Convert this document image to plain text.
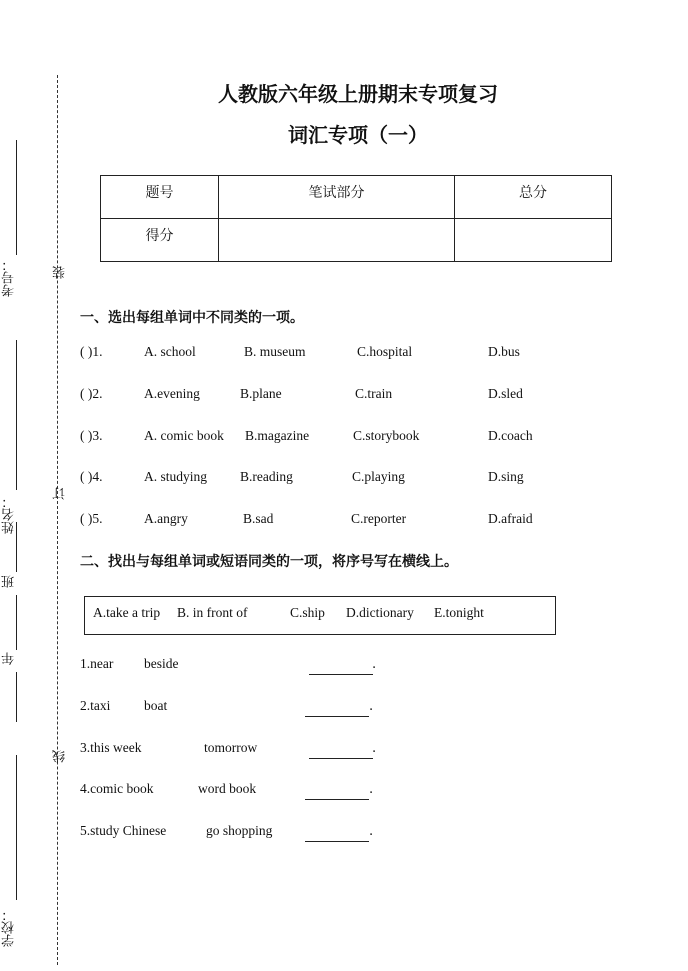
考号：
姓名：
班
年
学校：
装
订
线
人教版六年级上册期末专项复习
词汇专项（一）
题号	笔试部分	总分
得分		
一、选出每组单词中不同类的一项。
( )1.	A. school	B. museum	C.hospital	D.bus
( )2.	A.evening	B.plane	C.train	D.sled
( )3.	A. comic book B.magazine	C.storybook	D.coach
( )4.	A. studying B.reading	C.playing	D.sing
( )5.	A.angry	B.sad	C.reporter	D.afraid
二、找出与每组单词或短语同类的一项，将序号写在横线上。
A.take a trip B. in front of	C.ship D.dictionary E.tonight
1.near beside	.
2.taxi boat	.
3.this week	tomorrow	.
4.comic book	word book	.
5.study Chinese	go shopping	.
